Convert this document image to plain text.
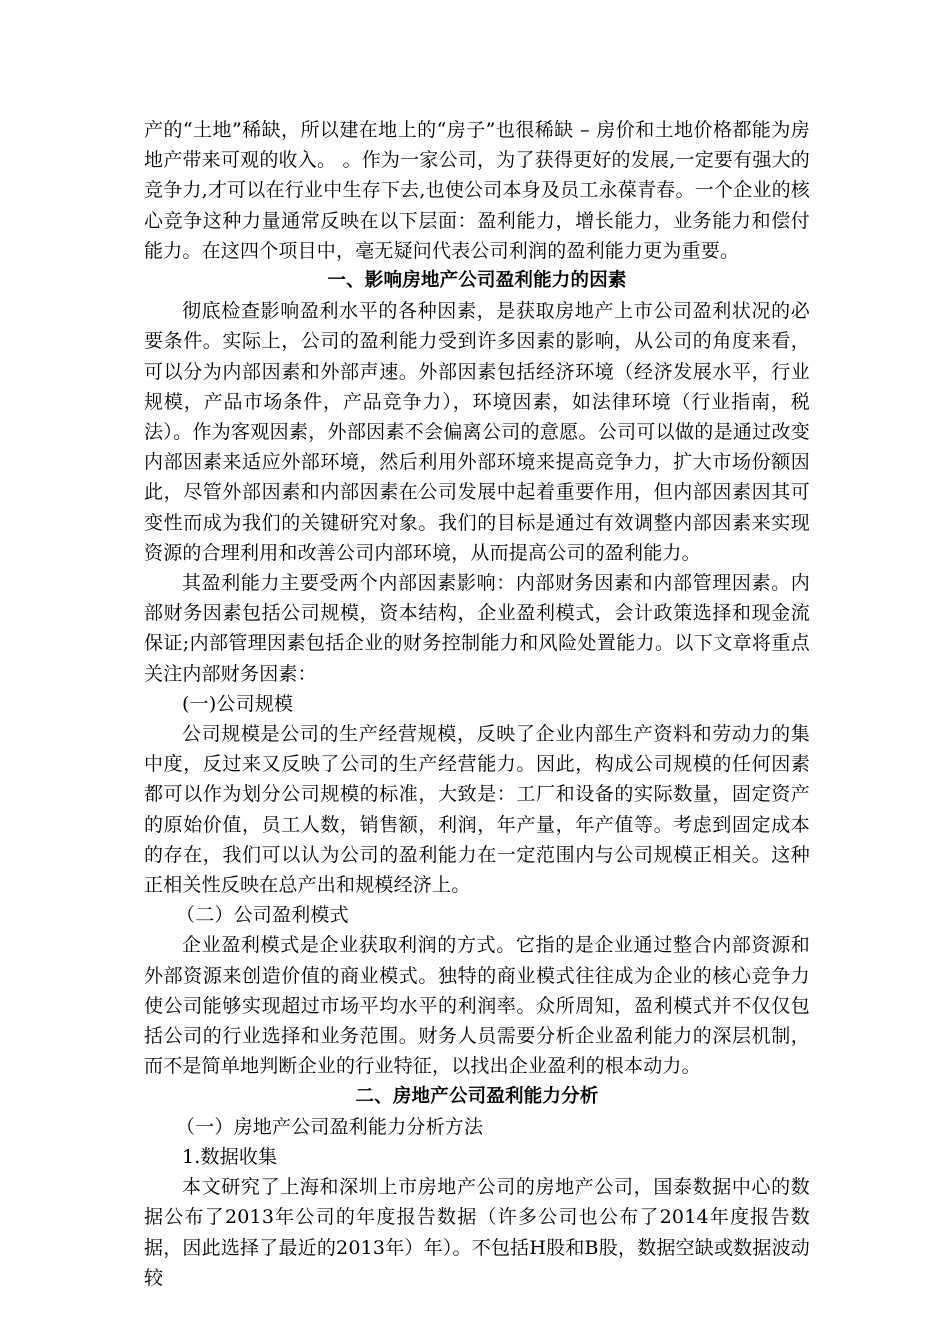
产的“土地”稀缺，所以建在地上的“房子”也很稀缺 – 房价和土地价格都能为房地产带来可观的收入。 。作为一家公司，为了获得更好的发展,一定要有强大的竞争力,才可以在行业中生存下去,也使公司本身及员工永葆青春。一个企业的核心竞争这种力量通常反映在以下层面：盈利能力，增长能力，业务能力和偿付能力。在这四个项目中，毫无疑问代表公司利润的盈利能力更为重要。

一、影响房地产公司盈利能力的因素

彻底检查影响盈利水平的各种因素，是获取房地产上市公司盈利状况的必要条件。实际上，公司的盈利能力受到许多因素的影响，从公司的角度来看，可以分为内部因素和外部声速。外部因素包括经济环境（经济发展水平，行业规模，产品市场条件，产品竞争力），环境因素，如法律环境（行业指南，税法）。作为客观因素，外部因素不会偏离公司的意愿。公司可以做的是通过改变内部因素来适应外部环境，然后利用外部环境来提高竞争力，扩大市场份额因此，尽管外部因素和内部因素在公司发展中起着重要作用，但内部因素因其可变性而成为我们的关键研究对象。我们的目标是通过有效调整内部因素来实现资源的合理利用和改善公司内部环境，从而提高公司的盈利能力。

其盈利能力主要受两个内部因素影响：内部财务因素和内部管理因素。内部财务因素包括公司规模，资本结构，企业盈利模式，会计政策选择和现金流保证;内部管理因素包括企业的财务控制能力和风险处置能力。以下文章将重点关注内部财务因素：

(一)公司规模

公司规模是公司的生产经营规模，反映了企业内部生产资料和劳动力的集中度，反过来又反映了公司的生产经营能力。因此，构成公司规模的任何因素都可以作为划分公司规模的标准，大致是：工厂和设备的实际数量，固定资产的原始价值，员工人数，销售额，利润，年产量，年产值等。考虑到固定成本的存在，我们可以认为公司的盈利能力在一定范围内与公司规模正相关。这种正相关性反映在总产出和规模经济上。

（二）公司盈利模式

企业盈利模式是企业获取利润的方式。它指的是企业通过整合内部资源和外部资源来创造价值的商业模式。独特的商业模式往往成为企业的核心竞争力使公司能够实现超过市场平均水平的利润率。众所周知，盈利模式并不仅仅包括公司的行业选择和业务范围。财务人员需要分析企业盈利能力的深层机制，而不是简单地判断企业的行业特征，以找出企业盈利的根本动力。

二、房地产公司盈利能力分析

（一）房地产公司盈利能力分析方法

1.数据收集

本文研究了上海和深圳上市房地产公司的房地产公司，国泰数据中心的数据公布了2013年公司的年度报告数据（许多公司也公布了2014年度报告数据，因此选择了最近的2013年）年）。不包括H股和B股，数据空缺或数据波动较
